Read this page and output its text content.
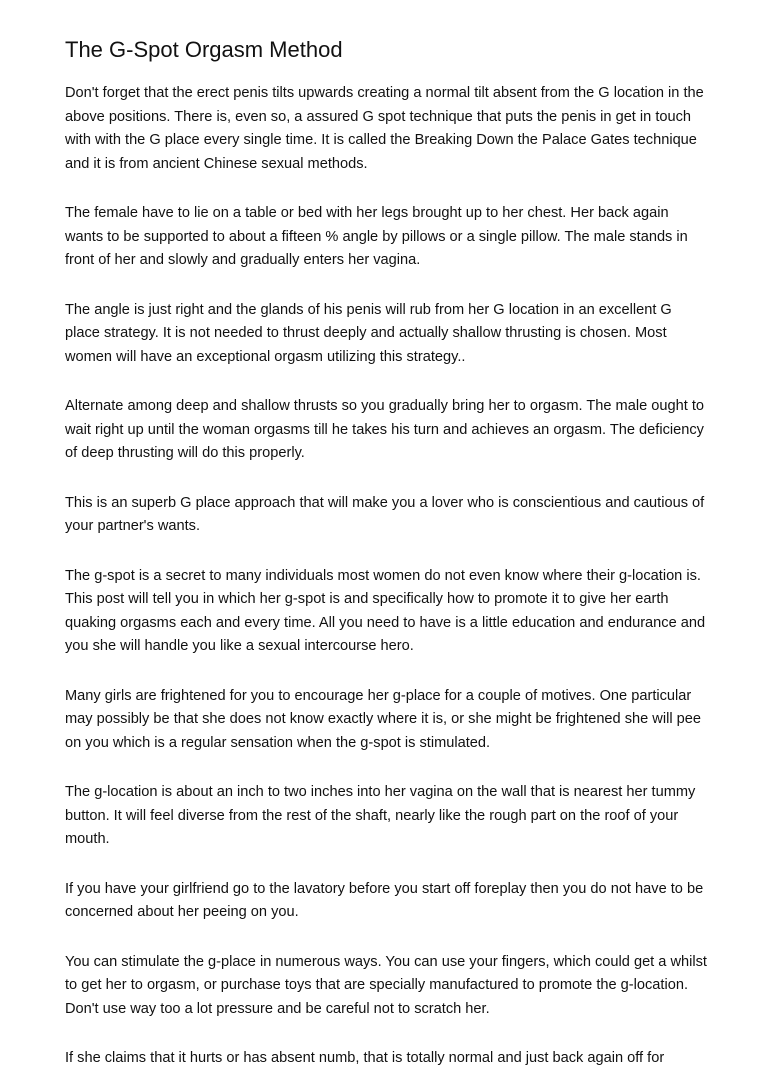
The G-Spot Orgasm Method

Don't forget that the erect penis tilts upwards creating a normal tilt absent from the G location in the above positions. There is, even so, a assured G spot technique that puts the penis in get in touch with with the G place every single time. It is called the Breaking Down the Palace Gates technique and it is from ancient Chinese sexual methods.

The female have to lie on a table or bed with her legs brought up to her chest. Her back again wants to be supported to about a fifteen % angle by pillows or a single pillow. The male stands in front of her and slowly and gradually enters her vagina.

The angle is just right and the glands of his penis will rub from her G location in an excellent G place strategy. It is not needed to thrust deeply and actually shallow thrusting is chosen. Most women will have an exceptional orgasm utilizing this strategy..

Alternate among deep and shallow thrusts so you gradually bring her to orgasm. The male ought to wait right up until the woman orgasms till he takes his turn and achieves an orgasm. The deficiency of deep thrusting will do this properly.

This is an superb G place approach that will make you a lover who is conscientious and cautious of your partner's wants.

The g-spot is a secret to many individuals most women do not even know where their g-location is. This post will tell you in which her g-spot is and specifically how to promote it to give her earth quaking orgasms each and every time. All you need to have is a little education and endurance and you she will handle you like a sexual intercourse hero.

Many girls are frightened for you to encourage her g-place for a couple of motives. One particular may possibly be that she does not know exactly where it is, or she might be frightened she will pee on you which is a regular sensation when the g-spot is stimulated.

The g-location is about an inch to two inches into her vagina on the wall that is nearest her tummy button. It will feel diverse from the rest of the shaft, nearly like the rough part on the roof of your mouth.

If you have your girlfriend go to the lavatory before you start off foreplay then you do not have to be concerned about her peeing on you.

You can stimulate the g-place in numerous ways. You can use your fingers, which could get a whilst to get her to orgasm, or purchase toys that are specially manufactured to promote the g-location. Don't use way too a lot pressure and be careful not to scratch her.

If she claims that it hurts or has absent numb, that is totally normal and just back again off for
